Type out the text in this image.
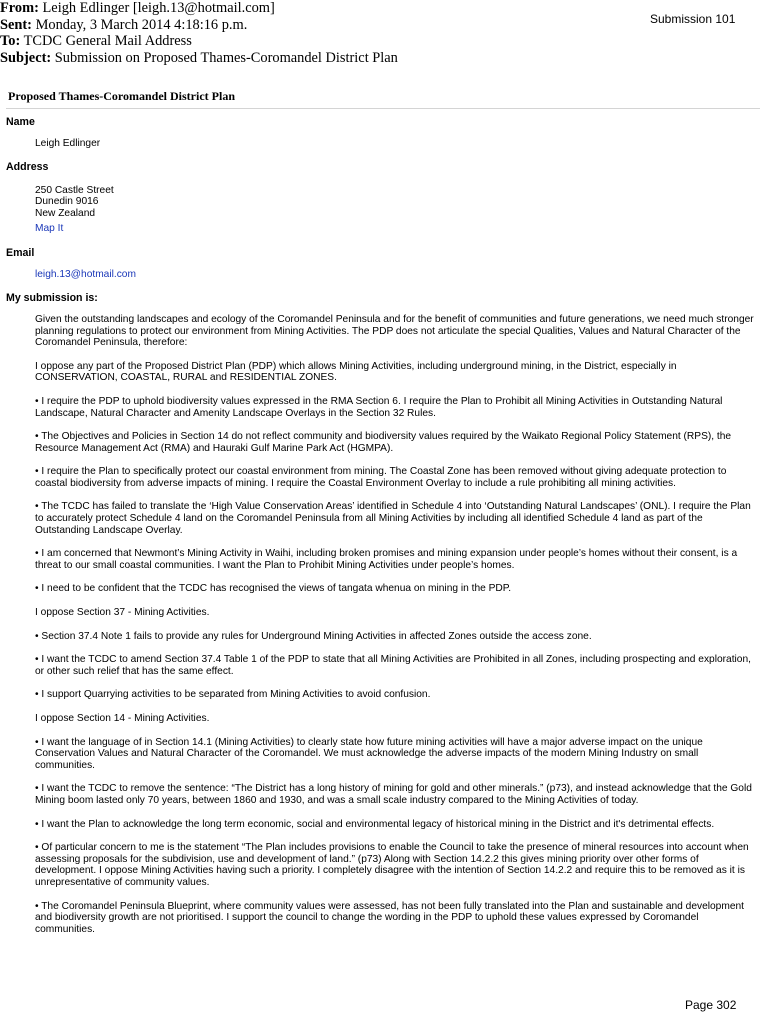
From: Leigh Edlinger [leigh.13@hotmail.com]
Sent: Monday, 3 March 2014 4:18:16 p.m.
To: TCDC General Mail Address
Subject: Submission on Proposed Thames-Coromandel District Plan
Submission 101
Proposed Thames-Coromandel District Plan
Name
Leigh Edlinger
Address
250 Castle Street
Dunedin 9016
New Zealand
Map It
Email
leigh.13@hotmail.com
My submission is:
Given the outstanding landscapes and ecology of the Coromandel Peninsula and for the benefit of communities and future generations, we need much stronger planning regulations to protect our environment from Mining Activities. The PDP does not articulate the special Qualities, Values and Natural Character of the Coromandel Peninsula, therefore:
I oppose any part of the Proposed District Plan (PDP) which allows Mining Activities, including underground mining, in the District, especially in CONSERVATION, COASTAL, RURAL and RESIDENTIAL ZONES.
• I require the PDP to uphold biodiversity values expressed in the RMA Section 6. I require the Plan to Prohibit all Mining Activities in Outstanding Natural Landscape, Natural Character and Amenity Landscape Overlays in the Section 32 Rules.
• The Objectives and Policies in Section 14 do not reflect community and biodiversity values required by the Waikato Regional Policy Statement (RPS), the Resource Management Act (RMA) and Hauraki Gulf Marine Park Act (HGMPA).
• I require the Plan to specifically protect our coastal environment from mining. The Coastal Zone has been removed without giving adequate protection to coastal biodiversity from adverse impacts of mining. I require the Coastal Environment Overlay to include a rule prohibiting all mining activities.
• The TCDC has failed to translate the ‘High Value Conservation Areas’ identified in Schedule 4 into ‘Outstanding Natural Landscapes’ (ONL). I require the Plan to accurately protect Schedule 4 land on the Coromandel Peninsula from all Mining Activities by including all identified Schedule 4 land as part of the Outstanding Landscape Overlay.
• I am concerned that Newmont’s Mining Activity in Waihi, including broken promises and mining expansion under people’s homes without their consent, is a threat to our small coastal communities. I want the Plan to Prohibit Mining Activities under people’s homes.
• I need to be confident that the TCDC has recognised the views of tangata whenua on mining in the PDP.
I oppose Section 37 - Mining Activities.
• Section 37.4 Note 1 fails to provide any rules for Underground Mining Activities in affected Zones outside the access zone.
• I want the TCDC to amend Section 37.4 Table 1 of the PDP to state that all Mining Activities are Prohibited in all Zones, including prospecting and exploration, or other such relief that has the same effect.
• I support Quarrying activities to be separated from Mining Activities to avoid confusion.
I oppose Section 14 - Mining Activities.
• I want the language of in Section 14.1 (Mining Activities) to clearly state how future mining activities will have a major adverse impact on the unique Conservation Values and Natural Character of the Coromandel. We must acknowledge the adverse impacts of the modern Mining Industry on small communities.
• I want the TCDC to remove the sentence: “The District has a long history of mining for gold and other minerals.” (p73), and instead acknowledge that the Gold Mining boom lasted only 70 years, between 1860 and 1930, and was a small scale industry compared to the Mining Activities of today.
• I want the Plan to acknowledge the long term economic, social and environmental legacy of historical mining in the District and it's detrimental effects.
• Of particular concern to me is the statement “The Plan includes provisions to enable the Council to take the presence of mineral resources into account when assessing proposals for the subdivision, use and development of land.” (p73) Along with Section 14.2.2 this gives mining priority over other forms of development. I oppose Mining Activities having such a priority. I completely disagree with the intention of Section 14.2.2 and require this to be removed as it is unrepresentative of community values.
• The Coromandel Peninsula Blueprint, where community values were assessed, has not been fully translated into the Plan and sustainable and development and biodiversity growth are not prioritised. I support the council to change the wording in the PDP to uphold these values expressed by Coromandel communities.
Page 302
